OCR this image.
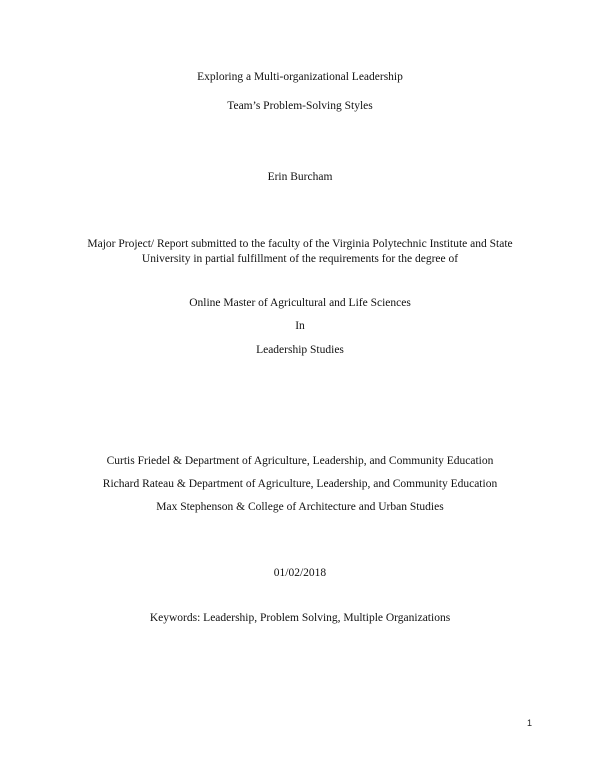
Exploring a Multi-organizational Leadership
Team’s Problem-Solving Styles
Erin Burcham
Major Project/ Report submitted to the faculty of the Virginia Polytechnic Institute and State
University in partial fulfillment of the requirements for the degree of
Online Master of Agricultural and Life Sciences
In
Leadership Studies
Curtis Friedel & Department of Agriculture, Leadership, and Community Education
Richard Rateau & Department of Agriculture, Leadership, and Community Education
Max Stephenson & College of Architecture and Urban Studies
01/02/2018
Keywords: Leadership, Problem Solving, Multiple Organizations
1
